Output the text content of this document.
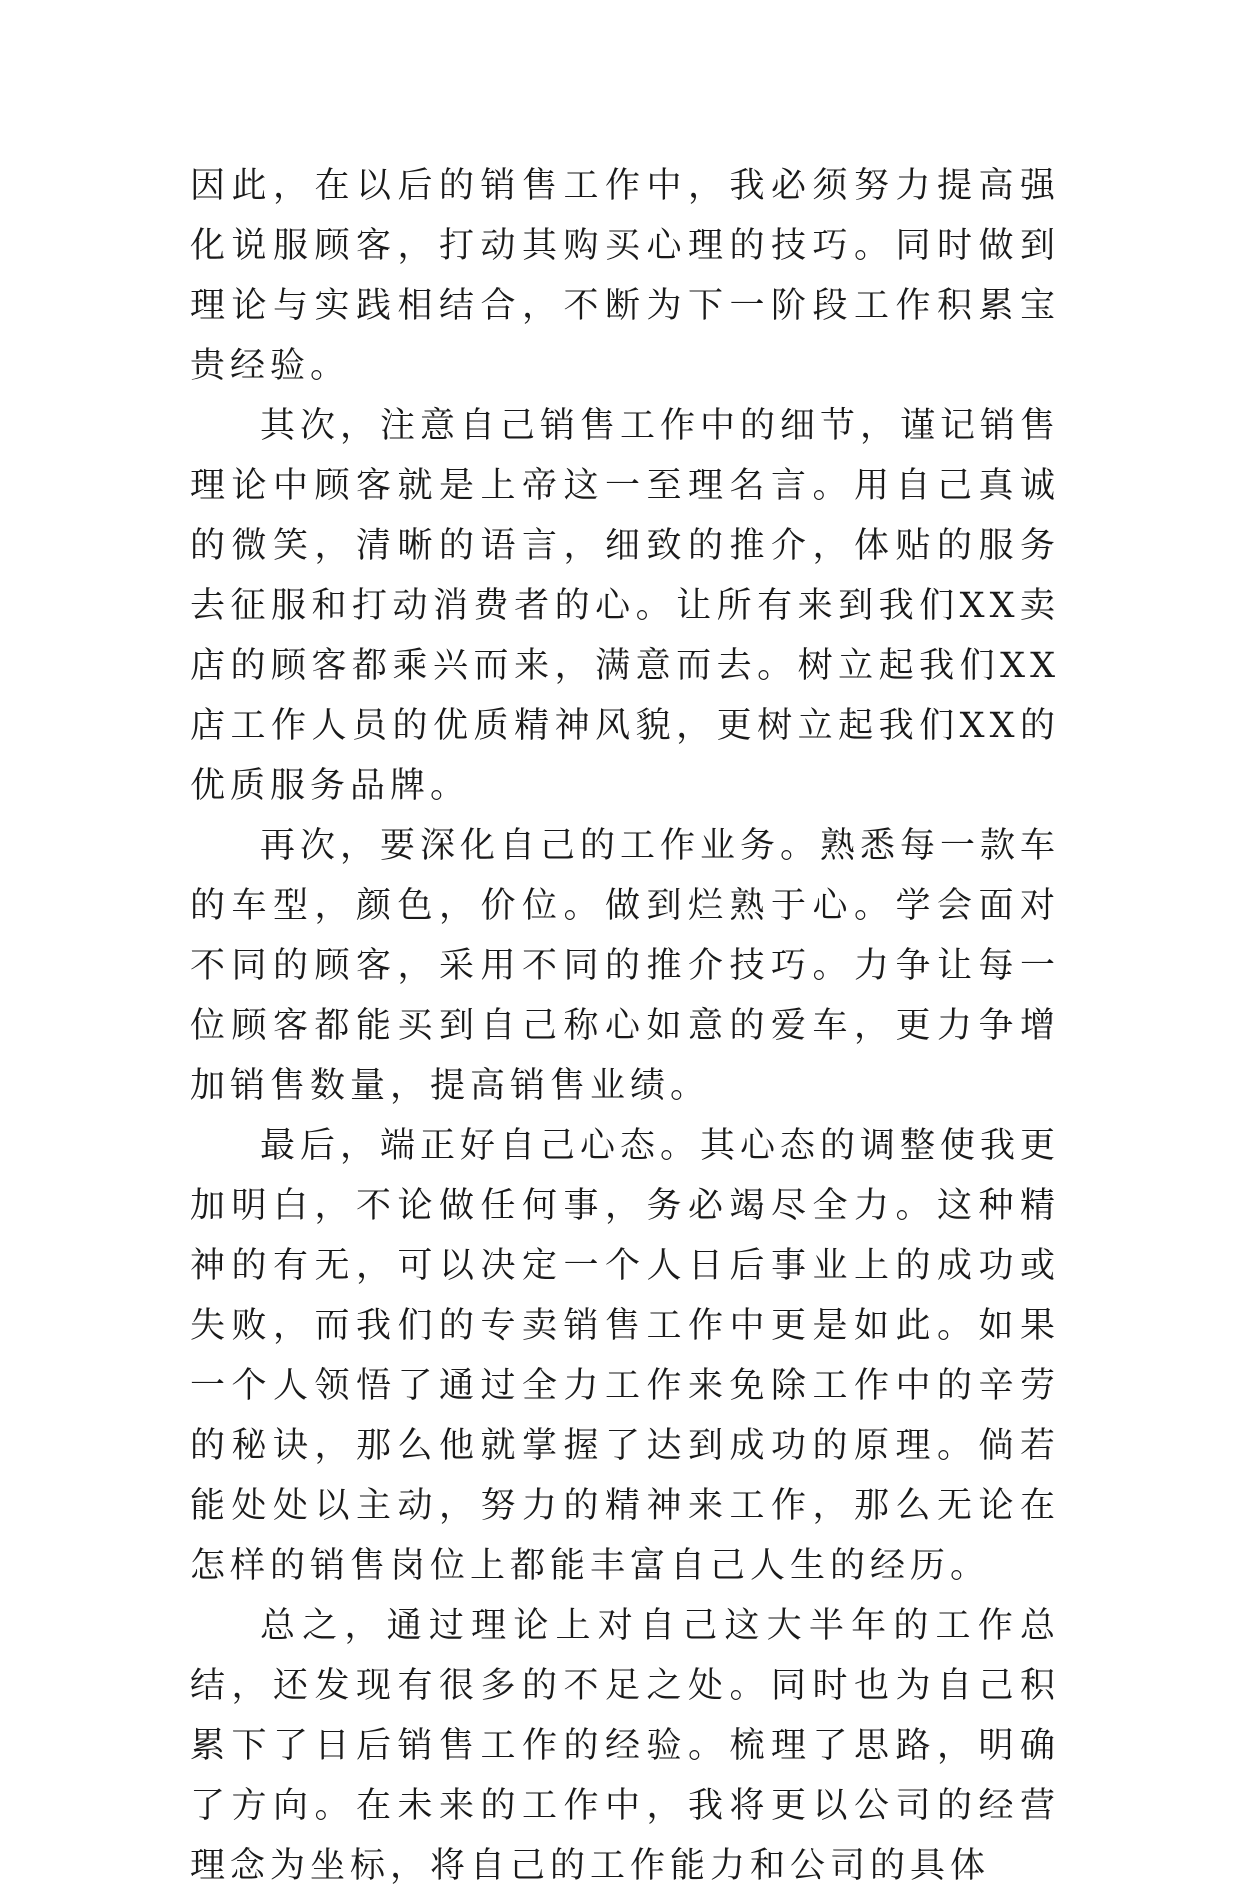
因此，在以后的销售工作中，我必须努力提高强化说服顾客，打动其购买心理的技巧。同时做到理论与实践相结合，不断为下一阶段工作积累宝贵经验。

其次，注意自己销售工作中的细节，谨记销售理论中顾客就是上帝这一至理名言。用自己真诚的微笑，清晰的语言，细致的推介，体贴的服务去征服和打动消费者的心。让所有来到我们XX卖店的顾客都乘兴而来，满意而去。树立起我们XX店工作人员的优质精神风貌，更树立起我们XX的优质服务品牌。

再次，要深化自己的工作业务。熟悉每一款车的车型，颜色，价位。做到烂熟于心。学会面对不同的顾客，采用不同的推介技巧。力争让每一位顾客都能买到自己称心如意的爱车，更力争增加销售数量，提高销售业绩。

最后，端正好自己心态。其心态的调整使我更加明白，不论做任何事，务必竭尽全力。这种精神的有无，可以决定一个人日后事业上的成功或失败，而我们的专卖销售工作中更是如此。如果一个人领悟了通过全力工作来免除工作中的辛劳的秘诀，那么他就掌握了达到成功的原理。倘若能处处以主动，努力的精神来工作，那么无论在怎样的销售岗位上都能丰富自己人生的经历。

总之，通过理论上对自己这大半年的工作总结，还发现有很多的不足之处。同时也为自己积累下了日后销售工作的经验。梳理了思路，明确了方向。在未来的工作中，我将更以公司的经营理念为坐标，将自己的工作能力和公司的具体
